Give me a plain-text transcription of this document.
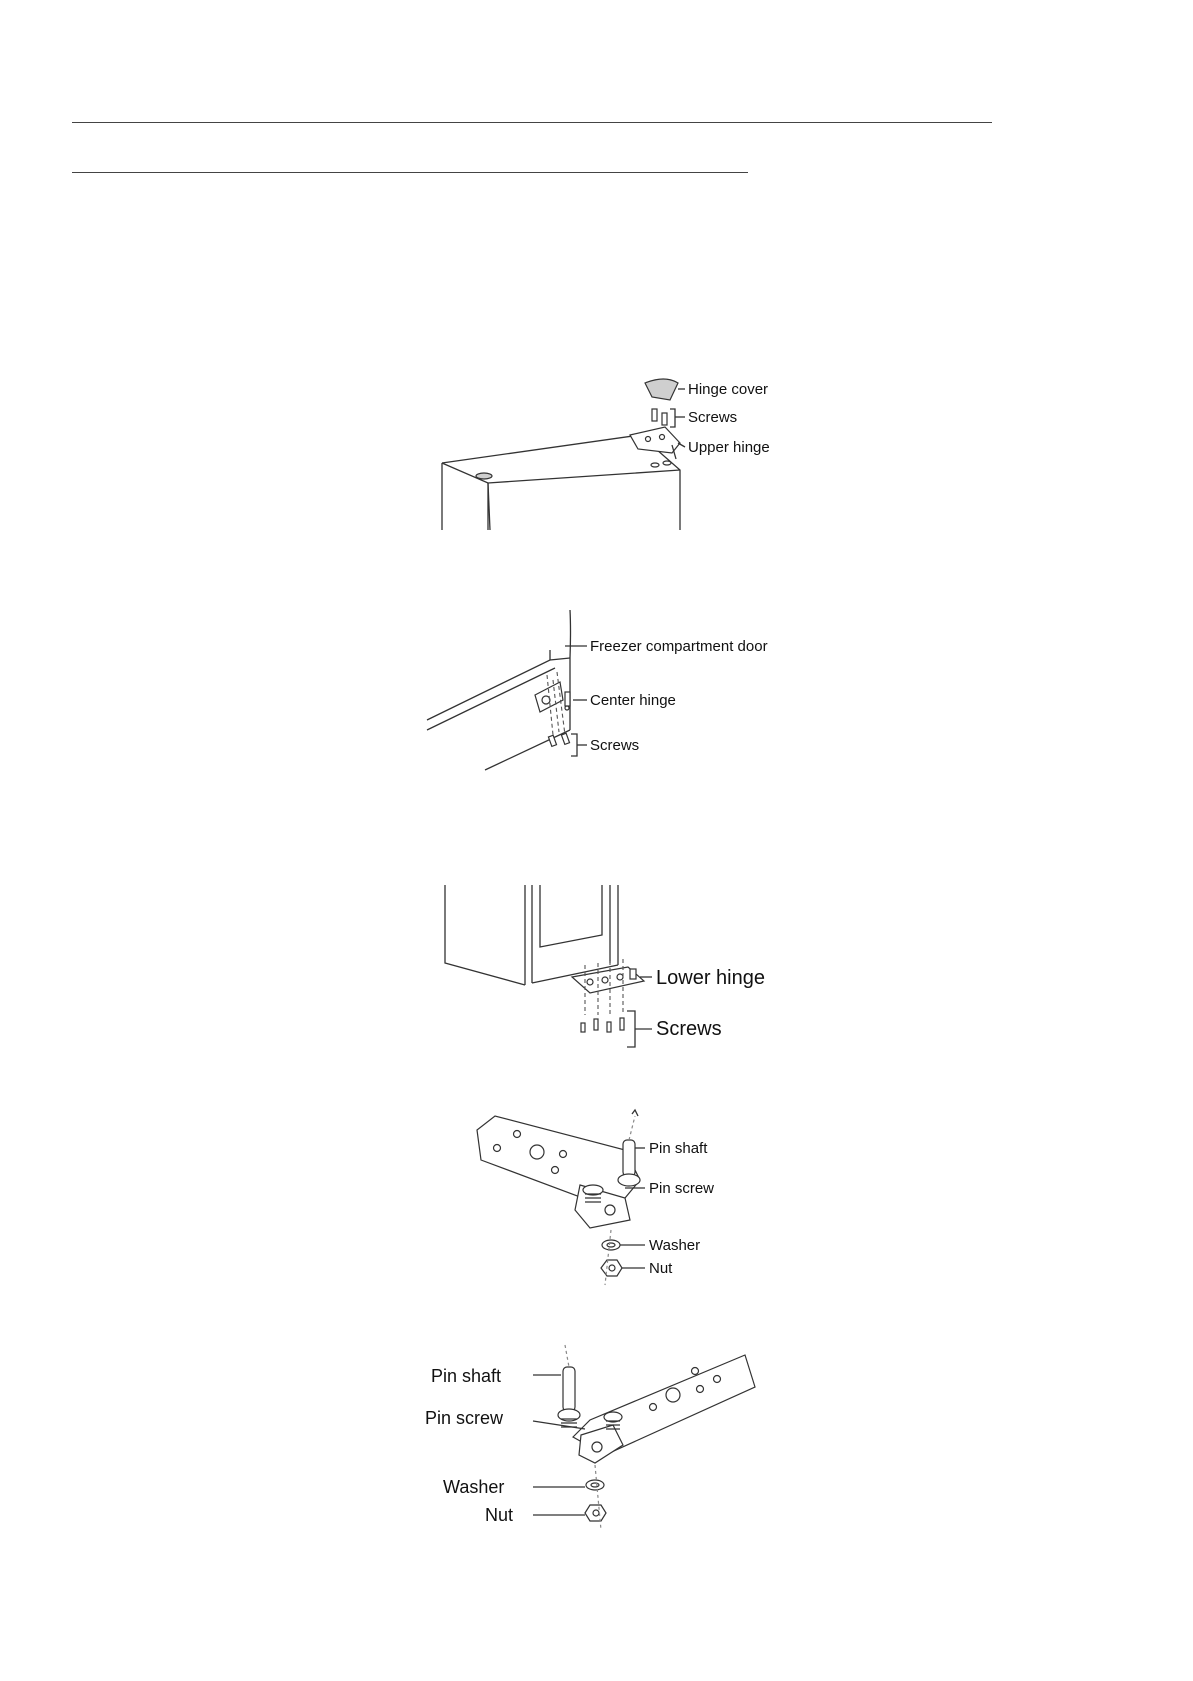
Hinge cover
Screws
Upper hinge
Freezer compartment door
Center hinge
Screws
Lower hinge
Screws
Pin shaft
Pin screw
Washer
Nut
Pin shaft
Pin screw
Washer
Nut
